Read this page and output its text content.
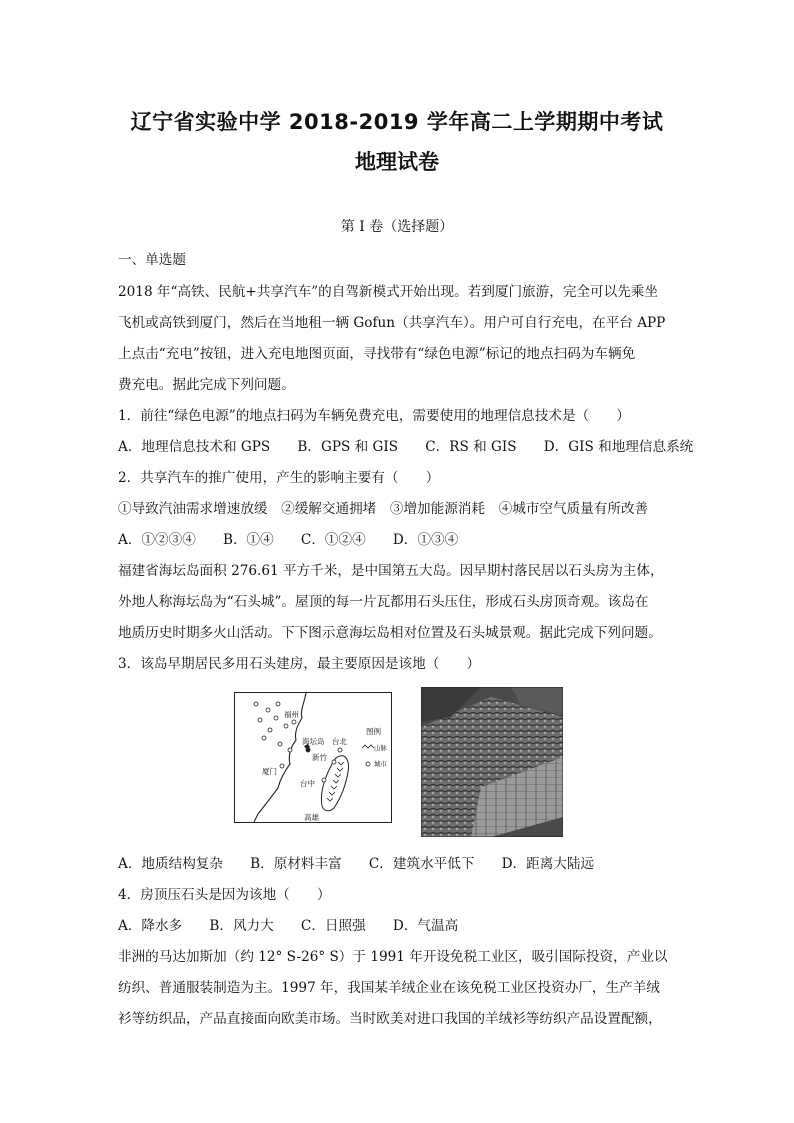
辽宁省实验中学 2018-2019 学年高二上学期期中考试
地理试卷
第 I 卷（选择题）
一、单选题
2018 年“高铁、民航+共享汽车”的自驾新模式开始出现。若到厦门旅游，完全可以先乘坐
飞机或高铁到厦门，然后在当地租一辆 Gofun（共享汽车）。用户可自行充电，在平台 APP
上点击“充电”按钮，进入充电地图页面，寻找带有“绿色电源”标记的地点扫码为车辆免
费充电。据此完成下列问题。
1．前往“绿色电源”的地点扫码为车辆免费充电，需要使用的地理信息技术是（　　）
A．地理信息技术和 GPS　　B．GPS 和 GIS　　C．RS 和 GIS　　D．GIS 和地理信息系统
2．共享汽车的推广使用，产生的影响主要有（　　）
①导致汽油需求增速放缓　②缓解交通拥堵　③增加能源消耗　④城市空气质量有所改善
A．①②③④　　B．①④　　C．①②④　　D．①③④
福建省海坛岛面积 276.61 平方千米，是中国第五大岛。因早期村落民居以石头房为主体，
外地人称海坛岛为“石头城”。屋顶的每一片瓦都用石头压住，形成石头房顶奇观。该岛在
地质历史时期多火山活动。下下图示意海坛岛相对位置及石头城景观。据此完成下列问题。
3．该岛早期居民多用石头建房，最主要原因是该地（　　）
福州
海坛岛 台北
新竹
厦门
台中
高雄
图例
山脉
城市
A．地质结构复杂　　B．原材料丰富　　C．建筑水平低下　　D．距离大陆远
4．房顶压石头是因为该地（　　）
A．降水多　　B．风力大　　C．日照强　　D．气温高
非洲的马达加斯加（约 12° S-26° S）于 1991 年开设免税工业区，吸引国际投资，产业以
纺织、普通服装制造为主。1997 年，我国某羊绒企业在该免税工业区投资办厂，生产羊绒
衫等纺织品，产品直接面向欧美市场。当时欧美对进口我国的羊绒衫等纺织产品设置配额，
